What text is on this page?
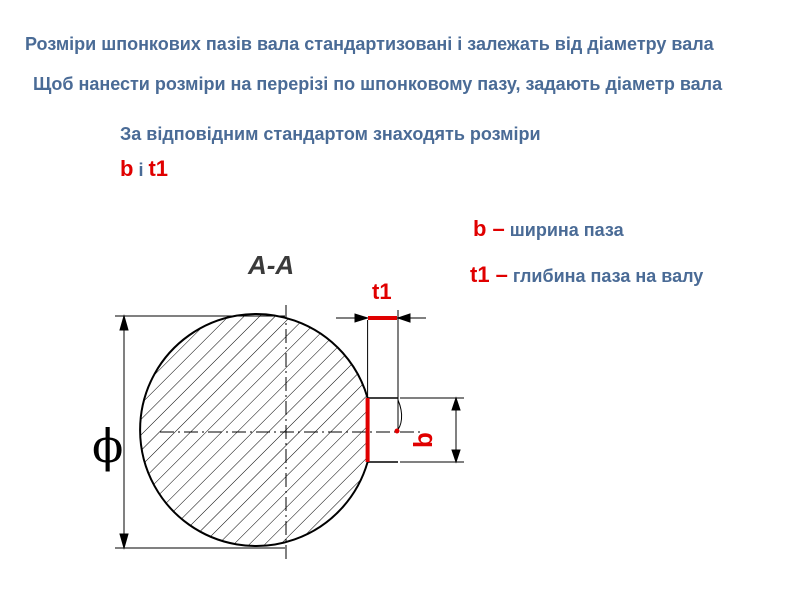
Розміри шпонкових пазів вала стандартизовані і залежать від діаметру вала

Щоб нанести розміри на перерізі по шпонковому пазу, задають діаметр вала

За відповідним стандартом знаходять розміри

b і t1

b – ширина паза

t1 – глибина паза на валу

А-А

t1

ϕ	b
